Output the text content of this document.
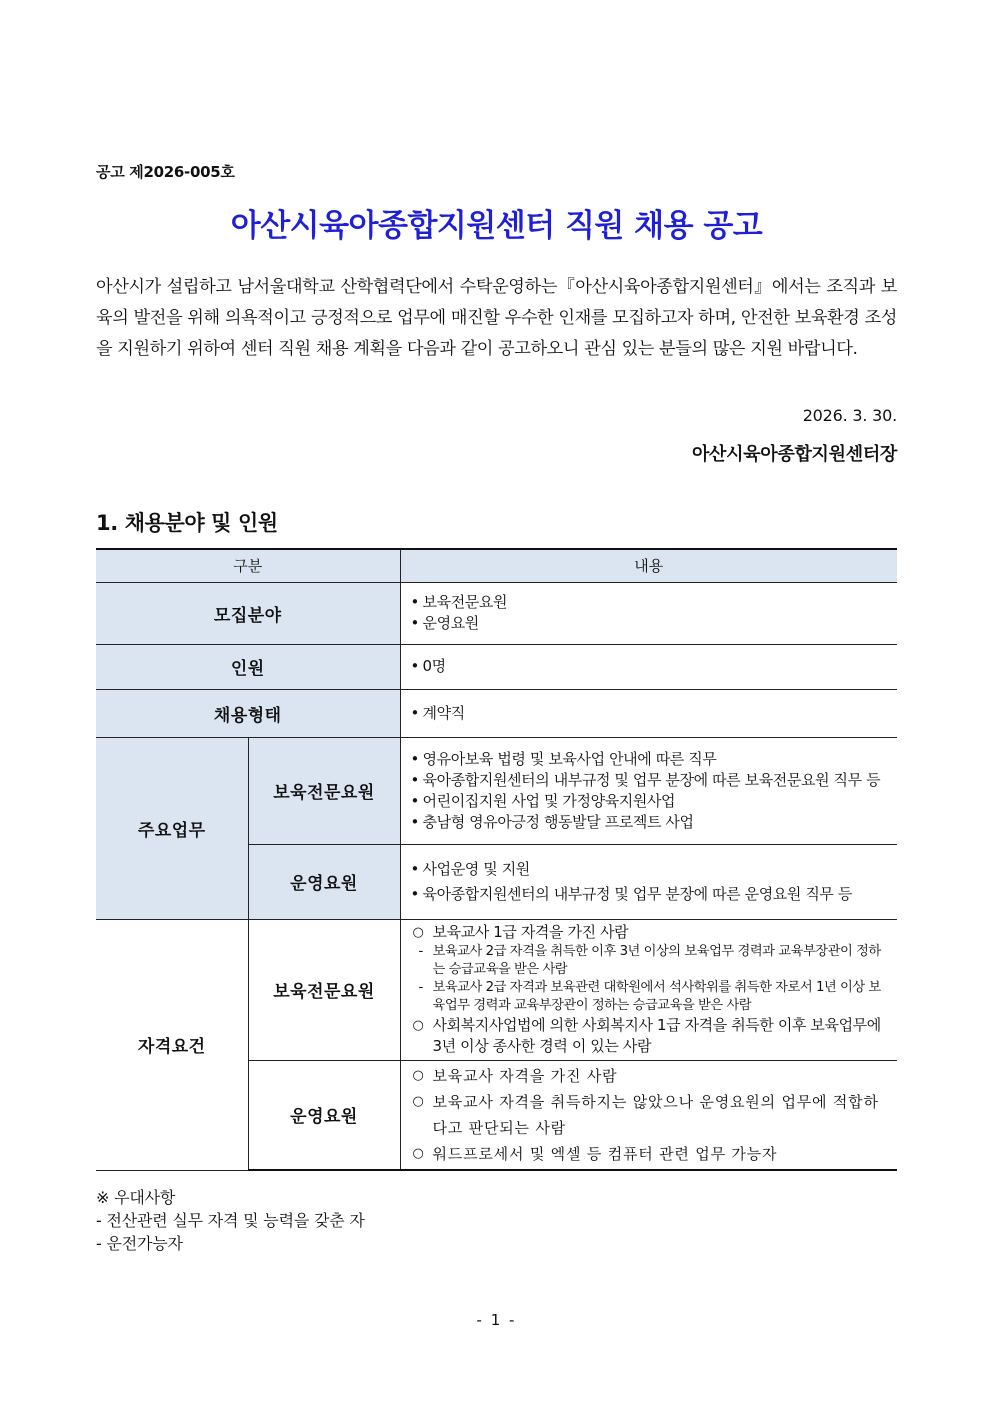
공고 제2026-005호
아산시육아종합지원센터 직원 채용 공고
아산시가 설립하고 남서울대학교 산학협력단에서 수탁운영하는『아산시육아종합지원센터』에서는 조직과 보육의 발전을 위해 의욕적이고 긍정적으로 업무에 매진할 우수한 인재를 모집하고자 하며, 안전한 보육환경 조성을 지원하기 위하여 센터 직원 채용 계획을 다음과 같이 공고하오니 관심 있는 분들의 많은 지원 바랍니다.
2026. 3. 30.
아산시육아종합지원센터장
1. 채용분야 및 인원
구분		내용
모집분야		• 보육전문요원
• 운영요원

인원		• 0명

채용형태		• 계약직

주요업무	보육전문요원	• 영유아보육 법령 및 보육사업 안내에 따른 직무
• 육아종합지원센터의 내부규정 및 업무 분장에 따른 보육전문요원 직무 등
• 어린이집지원 사업 및 가정양육지원사업
• 충남형 영유아긍정 행동발달 프로젝트 사업

	운영요원	• 사업운영 및 지원
• 육아종합지원센터의 내부규정 및 업무 분장에 따른 운영요원 직무 등

자격요건	보육전문요원	○ 보육교사 1급 자격을 가진 사람
- 보육교사 2급 자격을 취득한 이후 3년 이상의 보육업무 경력과 교육부장관이 정하는 승급교육을 받은 사람
- 보육교사 2급 자격과 보육관련 대학원에서 석사학위를 취득한 자로서 1년 이상 보육업무 경력과 교육부장관이 정하는 승급교육을 받은 사람
○ 사회복지사업법에 의한 사회복지사 1급 자격을 취득한 이후 보육업무에 3년 이상 종사한 경력 이 있는 사람

	운영요원	○ 보육교사 자격을 가진 사람
○ 보육교사 자격을 취득하지는 않았으나 운영요원의 업무에 적합하다고 판단되는 사람
○ 워드프로세서 및 엑셀 등 컴퓨터 관련 업무 가능자
※ 우대사항
- 전산관련 실무 자격 및 능력을 갖춘 자
- 운전가능자
- 1 -
